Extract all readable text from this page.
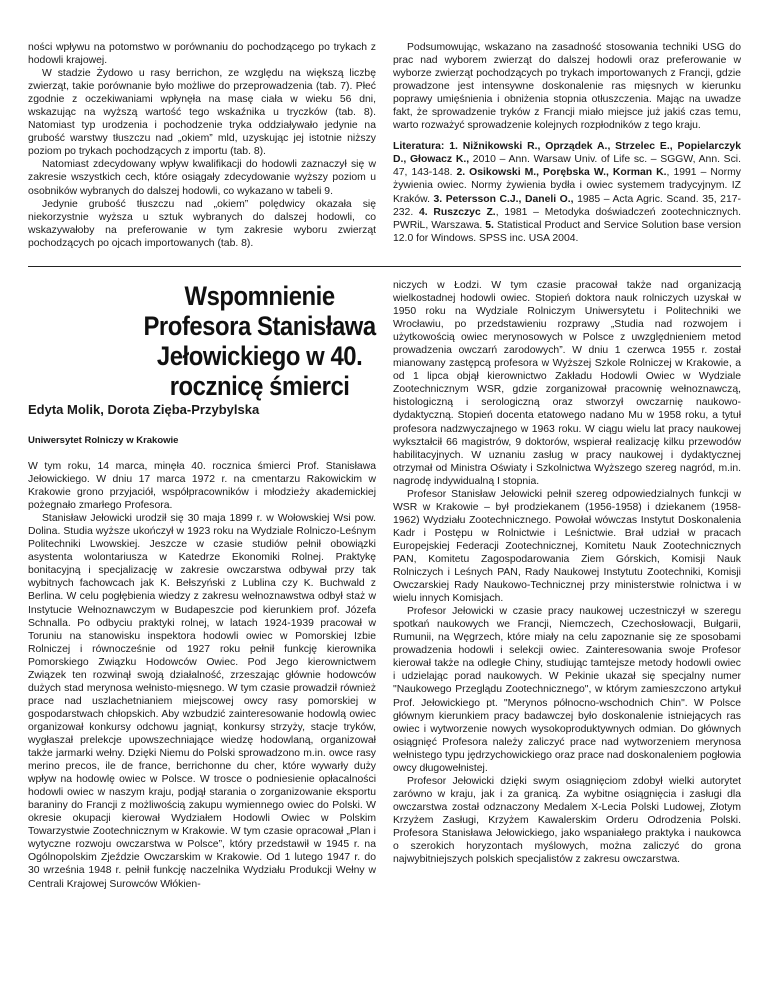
ności wpływu na potomstwo w porównaniu do pochodzącego po trykach z hodowli krajowej.

W stadzie Żydowo u rasy berrichon, ze względu na większą liczbę zwierząt, takie porównanie było możliwe do przeprowadzenia (tab. 7). Płeć zgodnie z oczekiwaniami wpłynęła na masę ciała w wieku 56 dni, wskazując na wyższą wartość tego wskaźnika u tryczków (tab. 8). Natomiast typ urodzenia i pochodzenie tryka oddziaływało jedynie na grubość warstwy tłuszczu nad „okiem” mld, uzyskując jej istotnie niższy poziom po trykach pochodzących z importu (tab. 8).

Natomiast zdecydowany wpływ kwalifikacji do hodowli zaznaczył się w zakresie wszystkich cech, które osiągały zdecydowanie wyższy poziom u osobników wybranych do dalszej hodowli, co wykazano w tabeli 9.

Jedynie grubość tłuszczu nad „okiem” polędwicy okazała się niekorzystnie wyższa u sztuk wybranych do dalszej hodowli, co wskazywałoby na preferowanie w tym zakresie wyboru zwierząt pochodzących po ojcach importowanych (tab. 8).

Podsumowując, wskazano na zasadność stosowania techniki USG do prac nad wyborem zwierząt do dalszej hodowli oraz preferowanie w wyborze zwierząt pochodzących po trykach importowanych z Francji, gdzie prowadzone jest intensywne doskonalenie ras mięsnych w kierunku poprawy umięśnienia i obniżenia stopnia otłuszczenia. Mając na uwadze fakt, że sprowadzenie tryków z Francji miało miejsce już jakiś czas temu, warto rozważyć sprowadzenie kolejnych rozpłodników z tego kraju.

Literatura: 1. Nižnikowski R., Oprządek A., Strzelec E., Popielarczyk D., Głowacz K., 2010 – Ann. Warsaw Univ. of Life sc. – SGGW, Ann. Sci. 47, 143-148. 2. Osikowski M., Porębska W., Korman K., 1991 – Normy żywienia owiec. Normy żywienia bydła i owiec systemem tradycyjnym. IZ Kraków. 3. Petersson C.J., Daneli O., 1985 – Acta Agric. Scand. 35, 217-232. 4. Ruszczyc Z., 1981 – Metodyka doświadczeń zootechnicznych. PWRiL, Warszawa. 5. Statistical Product and Service Solution base version 12.0 for Windows. SPSS inc. USA 2004.

Wspomnienie Profesora Stanisława Jełowickiego w 40. rocznicę śmierci
Edyta Molik, Dorota Zięba-Przybylska
Uniwersytet Rolniczy w Krakowie

W tym roku, 14 marca, minęła 40. rocznica śmierci Prof. Stanisława Jełowickiego. W dniu 17 marca 1972 r. na cmentarzu Rakowickim w Krakowie grono przyjaciół, współpracowników i młodzieży akademickiej pożegnało zmarłego Profesora.

Stanisław Jełowicki urodził się 30 maja 1899 r. w Wołowskiej Wsi pow. Dolina. Studia wyższe ukończył w 1923 roku na Wydziale Rolniczo-Leśnym Politechniki Lwowskiej. Jeszcze w czasie studiów pełnił obowiązki asystenta wolontariusza w Katedrze Ekonomiki Rolnej. Praktykę bonitacyjną i specjalizację w zakresie owczarstwa odbywał przy tak wybitnych fachowcach jak K. Bełszyński z Lublina czy K. Buchwald z Berlina. W celu pogłębienia wiedzy z zakresu wełnoznawstwa odbył staż w Instytucie Wełnoznawczym w Budapeszcie pod kierunkiem prof. Józefa Schnalla. Po odbyciu praktyki rolnej, w latach 1924-1939 pracował w Toruniu na stanowisku inspektora hodowli owiec w Pomorskiej Izbie Rolniczej i równocześnie od 1927 roku pełnił funkcję kierownika Pomorskiego Związku Hodowców Owiec. Pod Jego kierownictwem Związek ten rozwinął swoją działalność, zrzeszając głównie hodowców dużych stad merynosa wełnisto-mięsnego. W tym czasie prowadził również prace nad uszlachetnianiem miejscowej owcy rasy pomorskiej w gospodarstwach chłopskich. Aby wzbudzić zainteresowanie hodowlą owiec organizował konkursy odchowu jagniąt, konkursy strzyży, stacje tryków, wygłaszał prelekcje upowszechniające wiedzę hodowlaną, organizował także jarmarki wełny. Dzięki Niemu do Polski sprowadzono m.in. owce rasy merino precos, ile de france, berrichonne du cher, które wywarły duży wpływ na hodowlę owiec w Polsce. W trosce o podniesienie opłacalności hodowli owiec w naszym kraju, podjął starania o zorganizowanie eksportu baraniny do Francji z możliwością zakupu wymiennego owiec do Polski. W okresie okupacji kierował Wydziałem Hodowli Owiec w Polskim Towarzystwie Zootechnicznym w Krakowie. W tym czasie opracował „Plan i wytyczne rozwoju owczarstwa w Polsce”, który przedstawił w 1945 r. na Ogólnopolskim Zjeździe Owczarskim w Krakowie. Od 1 lutego 1947 r. do 30 września 1948 r. pełnił funkcję naczelnika Wydziału Produkcji Wełny w Centrali Krajowej Surowców Włókien-

niczych w Łodzi. W tym czasie pracował także nad organizacją wielkostadnej hodowli owiec. Stopień doktora nauk rolniczych uzyskał w 1950 roku na Wydziale Rolniczym Uniwersytetu i Politechniki we Wrocławiu, po przedstawieniu rozprawy „Studia nad rozwojem i użytkowością owiec merynosowych w Polsce z uwzględnieniem metod prowadzenia owczarń zarodowych”. W dniu 1 czerwca 1955 r. został mianowany zastępcą profesora w Wyższej Szkole Rolniczej w Krakowie, a od 1 lipca objął kierownictwo Zakładu Hodowli Owiec w Wydziale Zootechnicznym WSR, gdzie zorganizował pracownię wełnoznawczą, histologiczną i serologiczną oraz stworzył owczarnię naukowo-dydaktyczną. Stopień docenta etatowego nadano Mu w 1958 roku, a tytuł profesora nadzwyczajnego w 1963 roku. W ciągu wielu lat pracy naukowej wykształcił 66 magistrów, 9 doktorów, wspierał realizację kilku przewodów habilitacyjnych. W uznaniu zasług w pracy naukowej i dydaktycznej otrzymał od Ministra Oświaty i Szkolnictwa Wyższego szereg nagród, m.in. nagrodę indywidualną I stopnia.

Profesor Stanisław Jełowicki pełnił szereg odpowiedzialnych funkcji w WSR w Krakowie – był prodziekanem (1956-1958) i dziekanem (1958-1962) Wydziału Zootechnicznego. Powołał wówczas Instytut Doskonalenia Kadr i Postępu w Rolnictwie i Leśnictwie. Brał udział w pracach Europejskiej Federacji Zootechnicznej, Komitetu Nauk Zootechnicznych PAN, Komitetu Zagospodarowania Ziem Górskich, Komisji Nauk Rolniczych i Leśnych PAN, Rady Naukowej Instytutu Zootechniki, Komisji Owczarskiej Rady Naukowo-Technicznej przy ministerstwie rolnictwa i w wielu innych Komisjach.

Profesor Jełowicki w czasie pracy naukowej uczestniczył w szeregu spotkań naukowych we Francji, Niemczech, Czechosłowacji, Bułgarii, Rumunii, na Węgrzech, które miały na celu zapoznanie się ze sposobami prowadzenia hodowli i selekcji owiec. Zainteresowania swoje Profesor kierował także na odległe Chiny, studiując tamtejsze metody hodowli owiec i udzielając porad naukowych. W Pekinie ukazał się specjalny numer "Naukowego Przeglądu Zootechnicznego", w którym zamieszczono artykuł Prof. Jełowickiego pt. "Merynos północno-wschodnich Chin". W Polsce głównym kierunkiem pracy badawczej było doskonalenie istniejących ras owiec i wytworzenie nowych wysokoproduktywnych odmian. Do głównych osiągnięć Profesora należy zaliczyć prace nad wytworzeniem merynosa wełnistego typu jędrzychowickiego oraz prace nad doskonaleniem pogłowia owcy długowełnistej.

Profesor Jełowicki dzięki swym osiągnięciom zdobył wielki autorytet zarówno w kraju, jak i za granicą. Za wybitne osiągnięcia i zasługi dla owczarstwa został odznaczony Medalem X-Lecia Polski Ludowej, Złotym Krzyżem Zasługi, Krzyżem Kawalerskim Orderu Odrodzenia Polski. Profesora Stanisława Jełowickiego, jako wspaniałego praktyka i naukowca o szerokich horyzontach myślowych, można zaliczyć do grona najwybitniejszych polskich specjalistów z zakresu owczarstwa.
